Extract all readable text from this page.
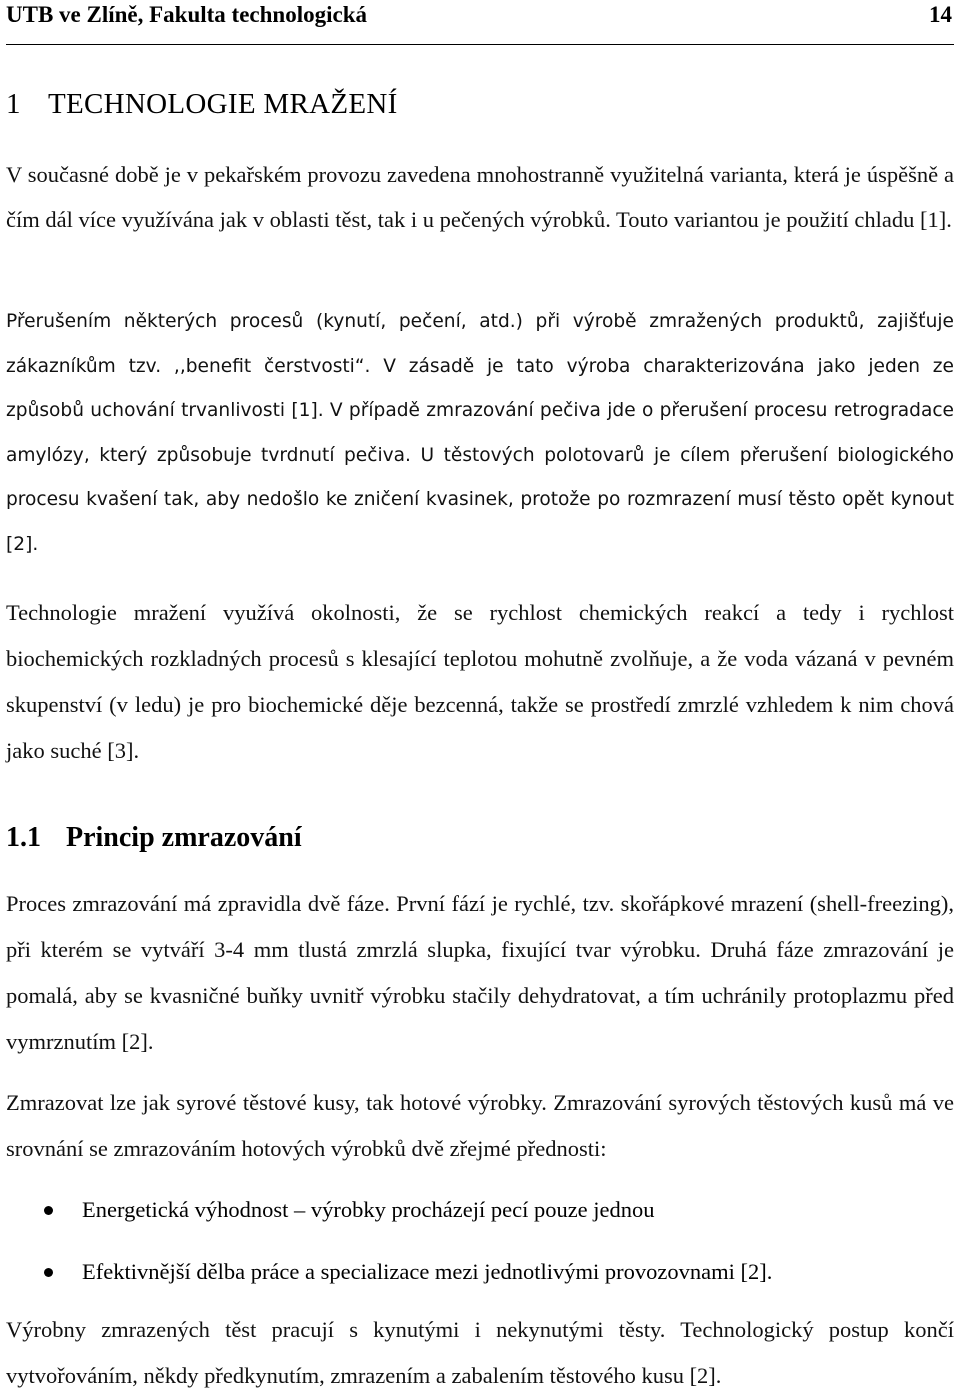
UTB ve Zlíně, Fakulta technologická	14
1 TECHNOLOGIE MRAŽENÍ

V současné době je v pekařském provozu zavedena mnohostranně využitelná varianta, která je úspěšně a čím dál více využívána jak v oblasti těst, tak i u pečených výrobků. Touto variantou je použití chladu [1].

Přerušením některých procesů (kynutí, pečení, atd.) při výrobě zmražených produktů, zajišťuje zákazníkům tzv. ,,benefit čerstvosti“. V zásadě je tato výroba charakterizována jako jeden ze způsobů uchování trvanlivosti [1]. V případě zmrazování pečiva jde o přerušení procesu retrogradace amylózy, který způsobuje tvrdnutí pečiva. U těstových polotovarů je cílem přerušení biologického procesu kvašení tak, aby nedošlo ke zničení kvasinek, protože po rozmrazení musí těsto opět kynout [2].

Technologie mražení využívá okolnosti, že se rychlost chemických reakcí a tedy i rychlost biochemických rozkladných procesů s klesající teplotou mohutně zvolňuje, a že voda vázaná v pevném skupenství (v ledu) je pro biochemické děje bezcenná, takže se prostředí zmrzlé vzhledem k nim chová jako suché [3].

1.1 Princip zmrazování

Proces zmrazování má zpravidla dvě fáze. První fází je rychlé, tzv. skořápkové mrazení (shell-freezing), při kterém se vytváří 3-4 mm tlustá zmrzlá slupka, fixující tvar výrobku. Druhá fáze zmrazování je pomalá, aby se kvasničné buňky uvnitř výrobku stačily dehydratovat, a tím uchránily protoplazmu před vymrznutím [2].

Zmrazovat lze jak syrové těstové kusy, tak hotové výrobky. Zmrazování syrových těstových kusů má ve srovnání se zmrazováním hotových výrobků dvě zřejmé přednosti:

Energetická výhodnost – výrobky procházejí pecí pouze jednou
Efektivnější dělba práce a specializace mezi jednotlivými provozovnami [2].

Výrobny zmrazených těst pracují s kynutými i nekynutými těsty. Technologický postup končí vytvořováním, někdy předkynutím, zmrazením a zabalením těstového kusu [2].
